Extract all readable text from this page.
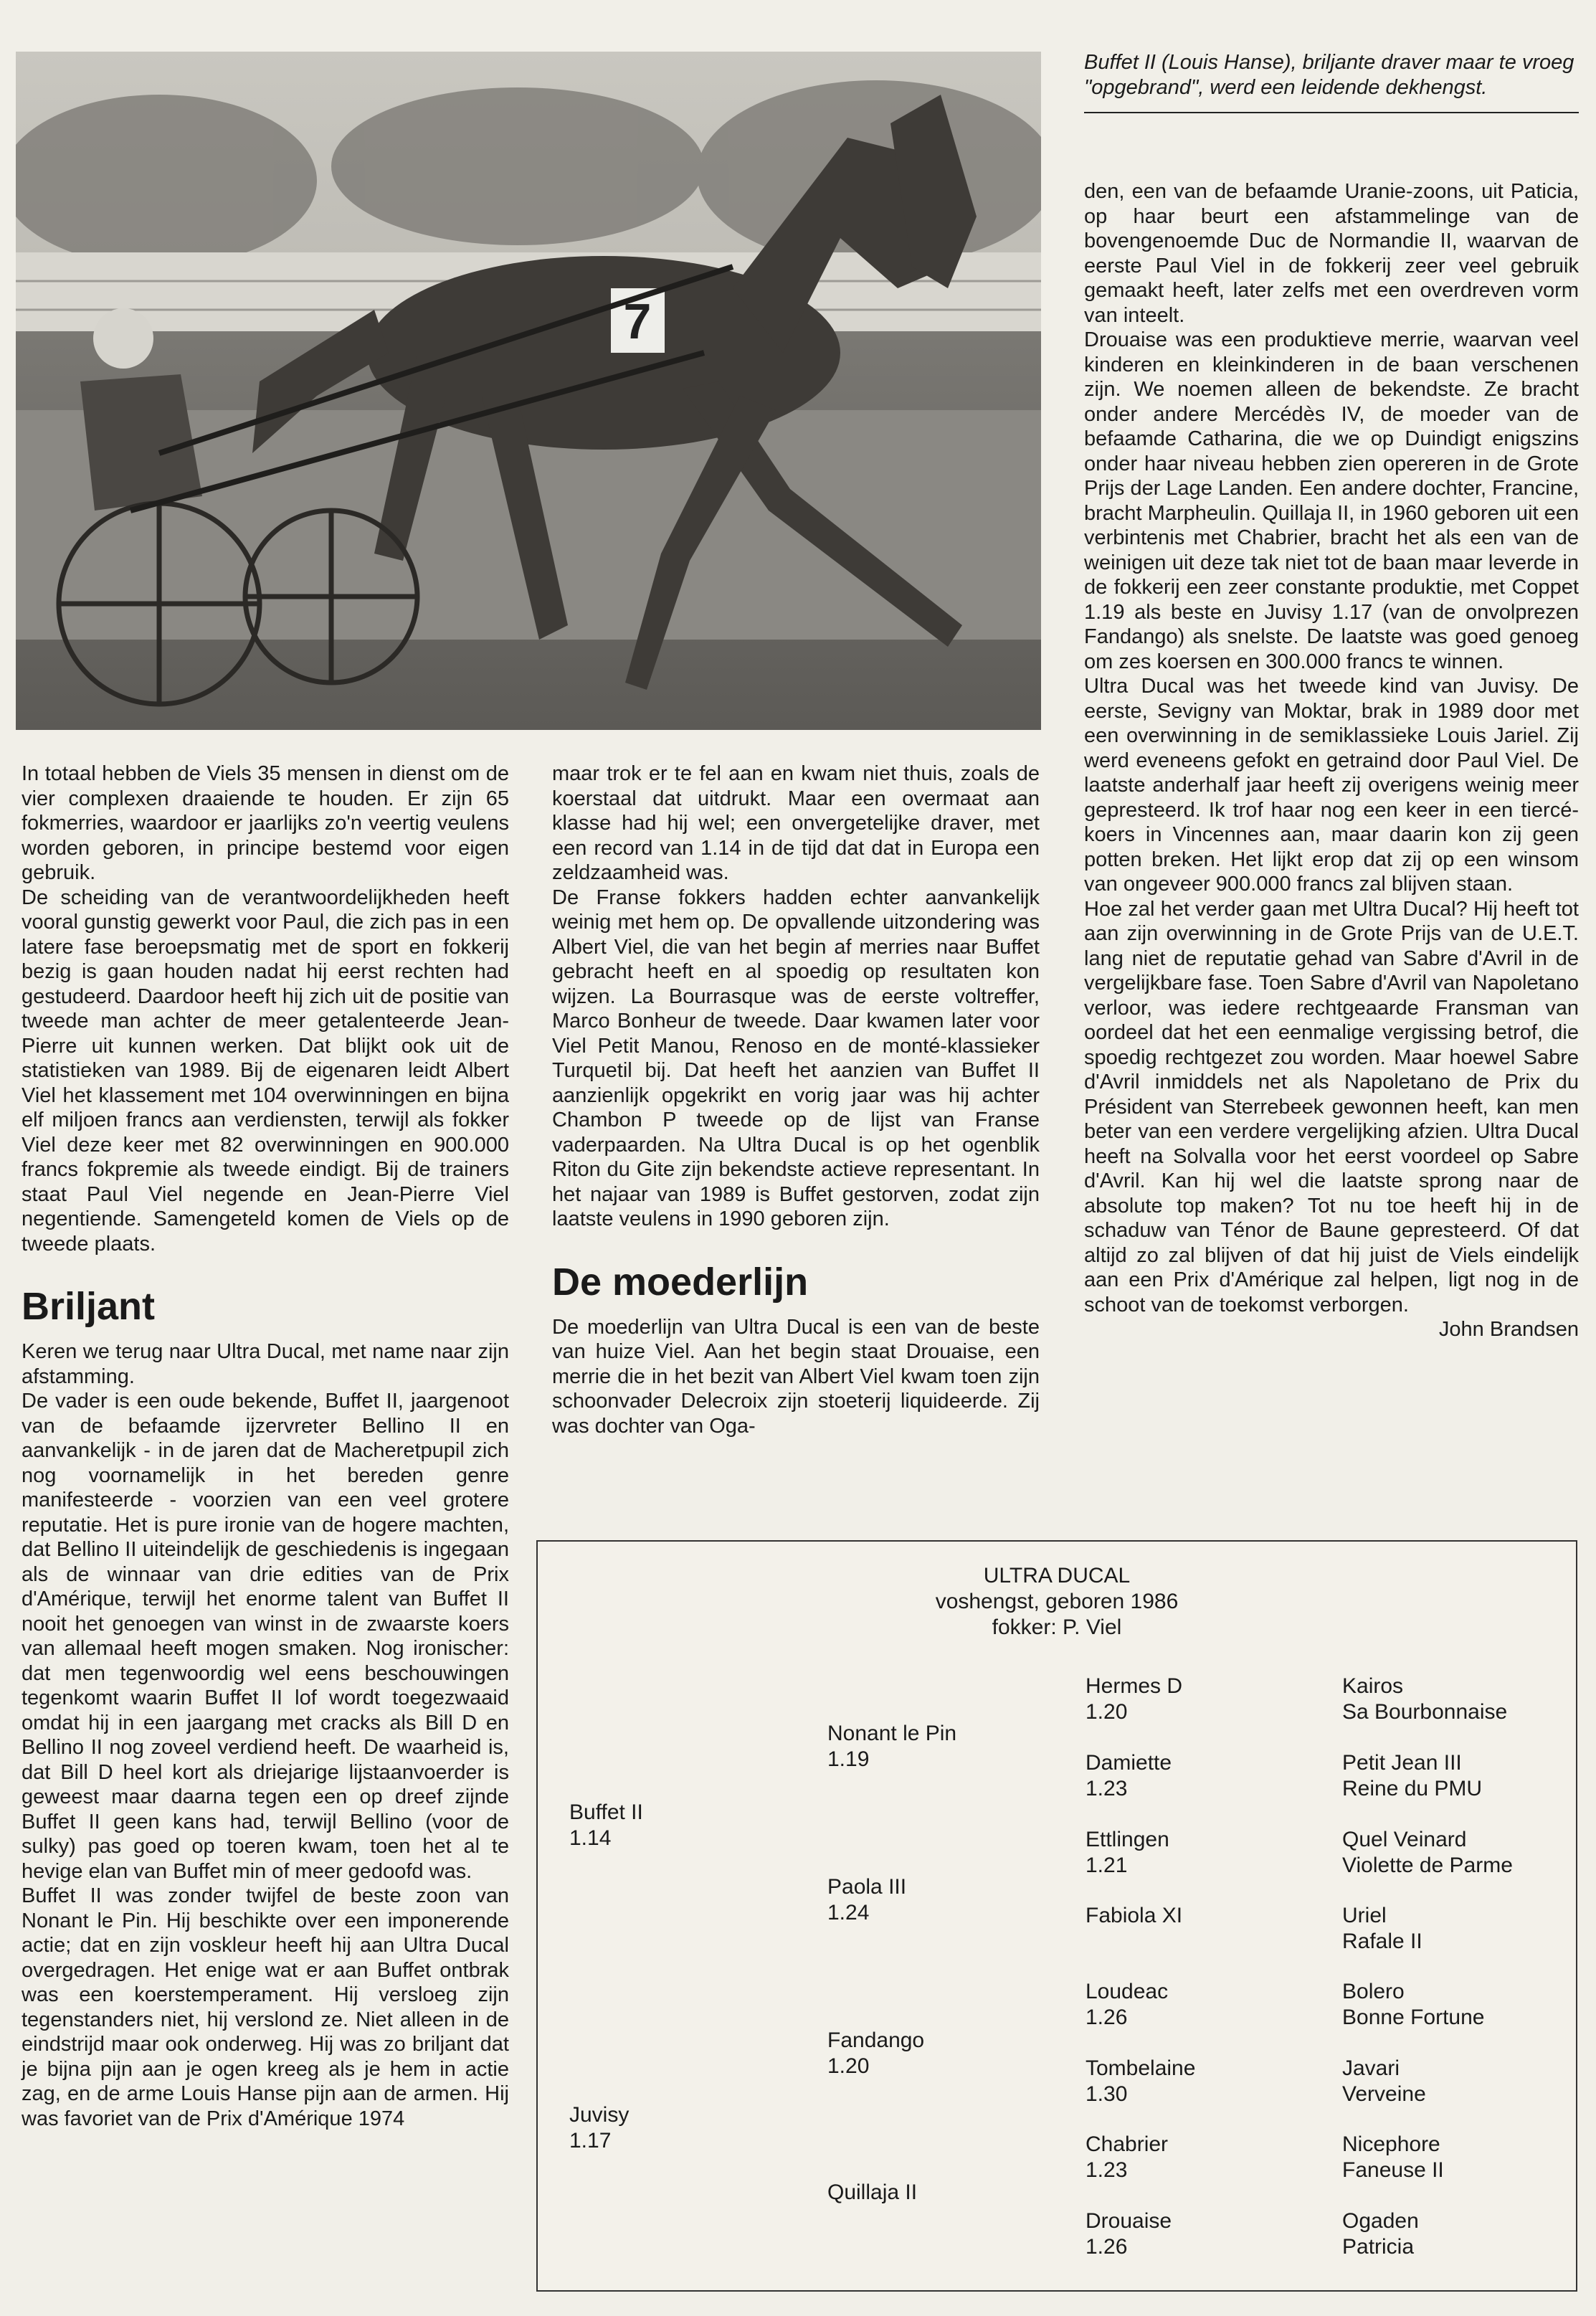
7
Buffet II (Louis Hanse), briljante draver maar te vroeg "opgebrand", werd een leidende dekhengst.

In totaal hebben de Viels 35 mensen in dienst om de vier complexen draaiende te houden. Er zijn 65 fokmerries, waardoor er jaarlijks zo'n veertig veulens worden geboren, in principe bestemd voor eigen gebruik.

De scheiding van de verantwoordelijkheden heeft vooral gunstig gewerkt voor Paul, die zich pas in een latere fase beroepsmatig met de sport en fokkerij bezig is gaan houden nadat hij eerst rechten had gestudeerd. Daardoor heeft hij zich uit de positie van tweede man achter de meer getalenteerde Jean-Pierre uit kunnen werken. Dat blijkt ook uit de statistieken van 1989. Bij de eigenaren leidt Albert Viel het klassement met 104 overwinningen en bijna elf miljoen francs aan verdiensten, terwijl als fokker Viel deze keer met 82 overwinningen en 900.000 francs fokpremie als tweede eindigt. Bij de trainers staat Paul Viel negende en Jean-Pierre Viel negentiende. Samengeteld komen de Viels op de tweede plaats.

Briljant

Keren we terug naar Ultra Ducal, met name naar zijn afstamming.

De vader is een oude bekende, Buffet II, jaargenoot van de befaamde ijzervreter Bellino II en aanvankelijk - in de jaren dat de Macheretpupil zich nog voornamelijk in het bereden genre manifesteerde - voorzien van een veel grotere reputatie. Het is pure ironie van de hogere machten, dat Bellino II uiteindelijk de geschiedenis is ingegaan als de winnaar van drie edities van de Prix d'Amérique, terwijl het enorme talent van Buffet II nooit het genoegen van winst in de zwaarste koers van allemaal heeft mogen smaken. Nog ironischer: dat men tegenwoordig wel eens beschouwingen tegenkomt waarin Buffet II lof wordt toegezwaaid omdat hij in een jaargang met cracks als Bill D en Bellino II nog zoveel verdiend heeft. De waarheid is, dat Bill D heel kort als driejarige lijstaanvoerder is geweest maar daarna tegen een op dreef zijnde Buffet II geen kans had, terwijl Bellino (voor de sulky) pas goed op toeren kwam, toen het al te hevige elan van Buffet min of meer gedoofd was.

Buffet II was zonder twijfel de beste zoon van Nonant le Pin. Hij beschikte over een imponerende actie; dat en zijn voskleur heeft hij aan Ultra Ducal overgedragen. Het enige wat er aan Buffet ontbrak was een koerstemperament. Hij versloeg zijn tegenstanders niet, hij verslond ze. Niet alleen in de eindstrijd maar ook onderweg. Hij was zo briljant dat je bijna pijn aan je ogen kreeg als je hem in actie zag, en de arme Louis Hanse pijn aan de armen. Hij was favoriet van de Prix d'Amérique 1974

maar trok er te fel aan en kwam niet thuis, zoals de koerstaal dat uitdrukt. Maar een overmaat aan klasse had hij wel; een onvergetelijke draver, met een record van 1.14 in de tijd dat dat in Europa een zeldzaamheid was.

De Franse fokkers hadden echter aanvankelijk weinig met hem op. De opvallende uitzondering was Albert Viel, die van het begin af merries naar Buffet gebracht heeft en al spoedig op resultaten kon wijzen. La Bourrasque was de eerste voltreffer, Marco Bonheur de tweede. Daar kwamen later voor Viel Petit Manou, Renoso en de monté-klassieker Turquetil bij. Dat heeft het aanzien van Buffet II aanzienlijk opgekrikt en vorig jaar was hij achter Chambon P tweede op de lijst van Franse vaderpaarden. Na Ultra Ducal is op het ogenblik Riton du Gite zijn bekendste actieve representant. In het najaar van 1989 is Buffet gestorven, zodat zijn laatste veulens in 1990 geboren zijn.

De moederlijn

De moederlijn van Ultra Ducal is een van de beste van huize Viel. Aan het begin staat Drouaise, een merrie die in het bezit van Albert Viel kwam toen zijn schoonvader Delecroix zijn stoeterij liquideerde. Zij was dochter van Oga-

den, een van de befaamde Uranie-zoons, uit Paticia, op haar beurt een afstammelinge van de bovengenoemde Duc de Normandie II, waarvan de eerste Paul Viel in de fokkerij zeer veel gebruik gemaakt heeft, later zelfs met een overdreven vorm van inteelt.

Drouaise was een produktieve merrie, waarvan veel kinderen en kleinkinderen in de baan verschenen zijn. We noemen alleen de bekendste. Ze bracht onder andere Mercédès IV, de moeder van de befaamde Catharina, die we op Duindigt enigszins onder haar niveau hebben zien opereren in de Grote Prijs der Lage Landen. Een andere dochter, Francine, bracht Marpheulin. Quillaja II, in 1960 geboren uit een verbintenis met Chabrier, bracht het als een van de weinigen uit deze tak niet tot de baan maar leverde in de fokkerij een zeer constante produktie, met Coppet 1.19 als beste en Juvisy 1.17 (van de onvolprezen Fandango) als snelste. De laatste was goed genoeg om zes koersen en 300.000 francs te winnen.

Ultra Ducal was het tweede kind van Juvisy. De eerste, Sevigny van Moktar, brak in 1989 door met een overwinning in de semiklassieke Louis Jariel. Zij werd eveneens gefokt en getraind door Paul Viel. De laatste anderhalf jaar heeft zij overigens weinig meer gepresteerd. Ik trof haar nog een keer in een tiercé-koers in Vincennes aan, maar daarin kon zij geen potten breken. Het lijkt erop dat zij op een winsom van ongeveer 900.000 francs zal blijven staan.

Hoe zal het verder gaan met Ultra Ducal? Hij heeft tot aan zijn overwinning in de Grote Prijs van de U.E.T. lang niet de reputatie gehad van Sabre d'Avril in de vergelijkbare fase. Toen Sabre d'Avril van Napoletano verloor, was iedere rechtgeaarde Fransman van oordeel dat het een eenmalige vergissing betrof, die spoedig rechtgezet zou worden. Maar hoewel Sabre d'Avril inmiddels net als Napoletano de Prix du Président van Sterrebeek gewonnen heeft, kan men beter van een verdere vergelijking afzien. Ultra Ducal heeft na Solvalla voor het eerst voordeel op Sabre d'Avril. Kan hij wel die laatste sprong naar de absolute top maken? Tot nu toe heeft hij in de schaduw van Ténor de Baune gepresteerd. Of dat altijd zo zal blijven of dat hij juist de Viels eindelijk aan een Prix d'Amérique zal helpen, ligt nog in de schoot van de toekomst verborgen.

John Brandsen

ULTRA DUCAL
voshengst, geboren 1986
fokker: P. Viel
Buffet II
1.14
Juvisy
1.17
Nonant le Pin
1.19
Paola III
1.24
Fandango
1.20
Quillaja II
Hermes D
1.20
Damiette
1.23
Ettlingen
1.21
Fabiola XI
Loudeac
1.26
Tombelaine
1.30
Chabrier
1.23
Drouaise
1.26
Kairos
Sa Bourbonnaise
Petit Jean III
Reine du PMU
Quel Veinard
Violette de Parme
Uriel
Rafale II
Bolero
Bonne Fortune
Javari
Verveine
Nicephore
Faneuse II
Ogaden
Patricia
